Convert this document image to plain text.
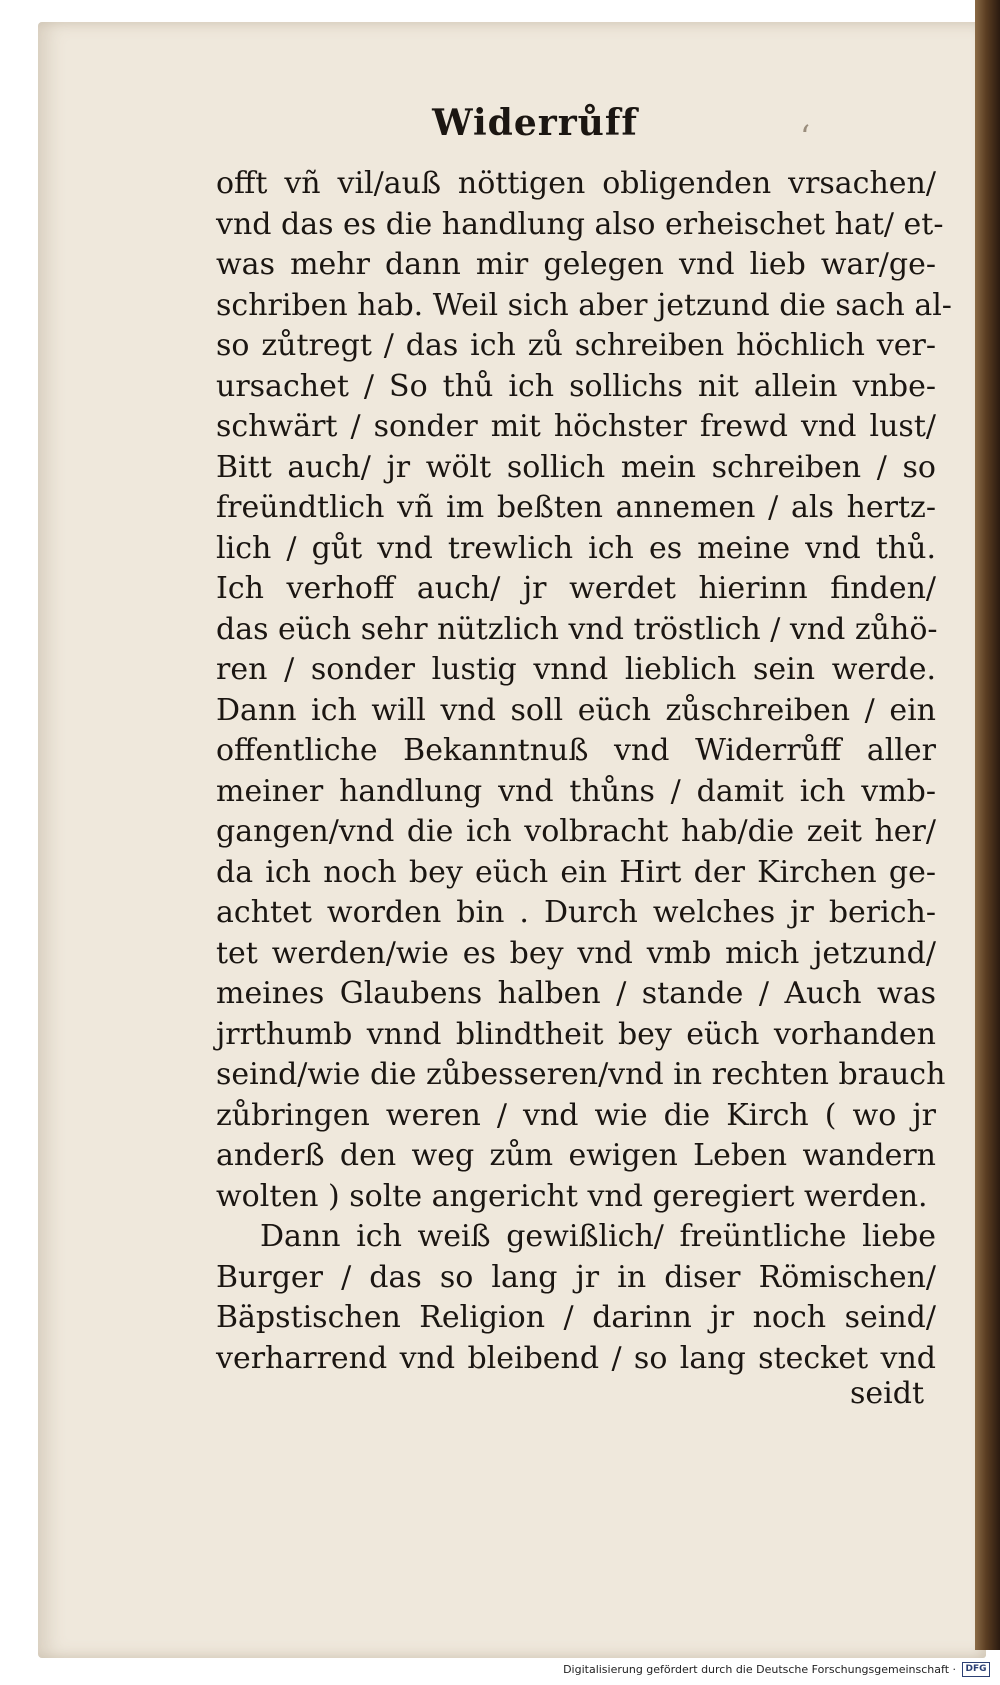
Widerrůff	‘
offt vñ vil/auß nöttigen obligenden vrsachen/
vnd das es die handlung also erheischet hat/ et-
was mehr dann mir gelegen vnd lieb war/ge-
schriben hab. Weil sich aber jetzund die sach al-
so zůtregt / das ich zů schreiben höchlich ver-
ursachet / So thů ich sollichs nit allein vnbe-
schwärt / sonder mit höchster frewd vnd lust/
Bitt auch/ jr wölt sollich mein schreiben / so
freündtlich vñ im beßten annemen / als hertz-
lich / gůt vnd trewlich ich es meine vnd thů.
Ich verhoff auch/ jr werdet hierinn finden/
das eüch sehr nützlich vnd tröstlich / vnd zůhö-
ren / sonder lustig vnnd lieblich sein werde.
Dann ich will vnd soll eüch zůschreiben / ein
offentliche Bekanntnuß vnd Widerrůff aller
meiner handlung vnd thůns / damit ich vmb-
gangen/vnd die ich volbracht hab/die zeit her/
da ich noch bey eüch ein Hirt der Kirchen ge-
achtet worden bin . Durch welches jr berich-
tet werden/wie es bey vnd vmb mich jetzund/
meines Glaubens halben / stande / Auch was
jrrthumb vnnd blindtheit bey eüch vorhanden
seind/wie die zůbesseren/vnd in rechten brauch
zůbringen weren / vnd wie die Kirch ( wo jr
anderß den weg zům ewigen Leben wandern
wolten ) solte angericht vnd geregiert werden.
Dann ich weiß gewißlich/ freüntliche liebe
Burger / das so lang jr in diser Römischen/
Bäpstischen Religion / darinn jr noch seind/
verharrend vnd bleibend / so lang stecket vnd
seidt
Digitalisierung gefördert durch die Deutsche Forschungsgemeinschaft ·	DFG
